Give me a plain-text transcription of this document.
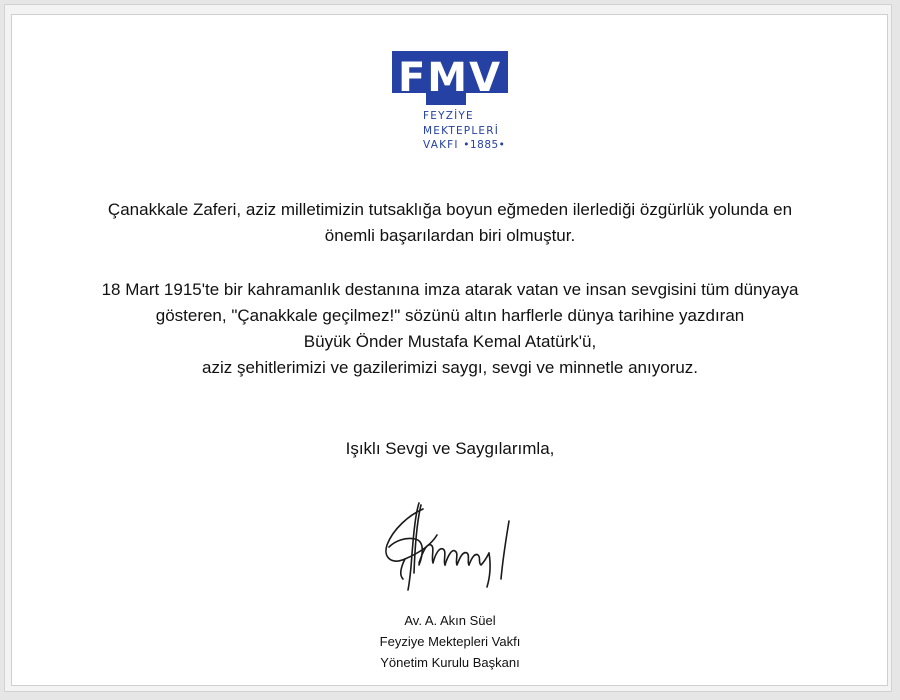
FMV
FEYZİYE
MEKTEPLERİ
VAKFI •1885•
Çanakkale Zaferi, aziz milletimizin tutsaklığa boyun eğmeden ilerlediği özgürlük yolunda en
önemli başarılardan biri olmuştur.
18 Mart 1915'te bir kahramanlık destanına imza atarak vatan ve insan sevgisini tüm dünyaya
gösteren, "Çanakkale geçilmez!" sözünü altın harflerle dünya tarihine yazdıran
Büyük Önder Mustafa Kemal Atatürk'ü,
aziz şehitlerimizi ve gazilerimizi saygı, sevgi ve minnetle anıyoruz.
Işıklı Sevgi ve Saygılarımla,
Av. A. Akın Süel
Feyziye Mektepleri Vakfı
Yönetim Kurulu Başkanı
